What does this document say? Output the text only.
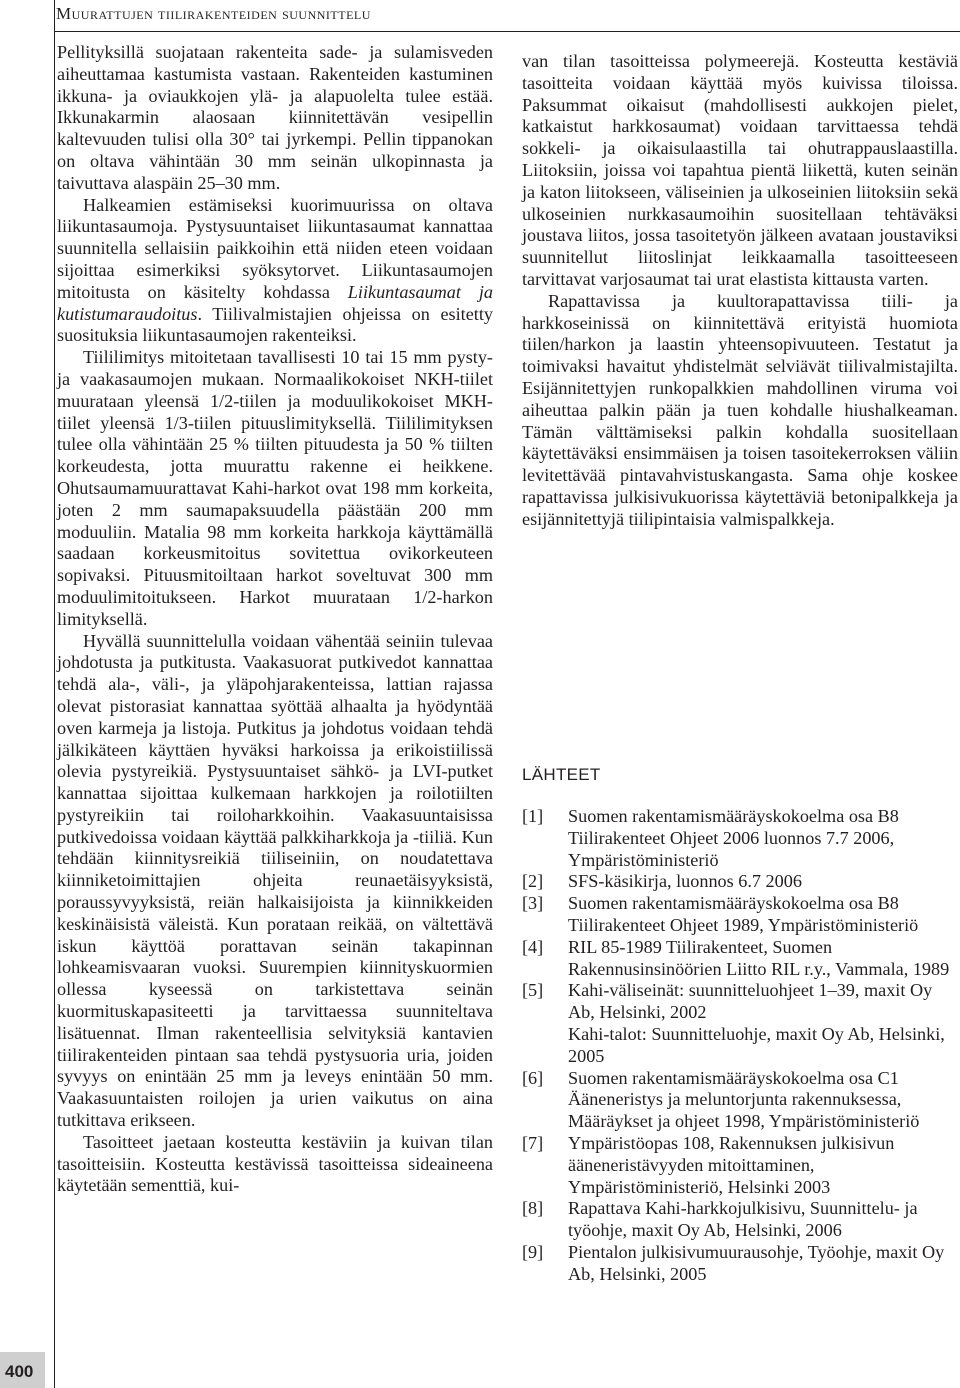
Muurattujen tiilirakenteiden suunnittelu
400

Pellityksillä suojataan rakenteita sade- ja sulamisveden aiheuttamaa kastumista vastaan. Rakenteiden kastuminen ikkuna- ja oviaukkojen ylä- ja alapuolelta tulee estää. Ikkunakarmin alaosaan kiinnitettävän vesipellin kaltevuuden tulisi olla 30° tai jyrkempi. Pellin tippanokan on oltava vähintään 30 mm seinän ulkopinnasta ja taivuttava alaspäin 25–30 mm.

Halkeamien estämiseksi kuorimuurissa on oltava liikuntasaumoja. Pystysuuntaiset liikuntasaumat kannattaa suunnitella sellaisiin paikkoihin että niiden eteen voidaan sijoittaa esimerkiksi syöksytorvet. Liikuntasaumojen mitoitusta on käsitelty kohdassa Liikuntasaumat ja kutistumaraudoitus. Tiilivalmistajien ohjeissa on esitetty suosituksia liikuntasaumojen rakenteiksi.

Tiililimitys mitoitetaan tavallisesti 10 tai 15 mm pysty- ja vaakasaumojen mukaan. Normaalikokoiset NKH-tiilet muurataan yleensä 1/2-tiilen ja moduulikokoiset MKH-tiilet yleensä 1/3-tiilen pituuslimityksellä. Tiililimityksen tulee olla vähintään 25 % tiilten pituudesta ja 50 % tiilten korkeudesta, jotta muurattu rakenne ei heikkene. Ohutsaumamuurattavat Kahi-harkot ovat 198 mm korkeita, joten 2 mm saumapaksuudella päästään 200 mm moduuliin. Matalia 98 mm korkeita harkkoja käyttämällä saadaan korkeusmitoitus sovitettua ovikorkeuteen sopivaksi. Pituusmitoiltaan harkot soveltuvat 300 mm moduulimitoitukseen. Harkot muurataan 1/2-harkon limityksellä.

Hyvällä suunnittelulla voidaan vähentää seiniin tulevaa johdotusta ja putkitusta. Vaakasuorat putkivedot kannattaa tehdä ala-, väli-, ja yläpohjarakenteissa, lattian rajassa olevat pistorasiat kannattaa syöttää alhaalta ja hyödyntää oven karmeja ja listoja. Putkitus ja johdotus voidaan tehdä jälkikäteen käyttäen hyväksi harkoissa ja erikoistiilissä olevia pystyreikiä. Pystysuuntaiset sähkö- ja LVI-putket kannattaa sijoittaa kulkemaan harkkojen ja roilotiilten pystyreikiin tai roiloharkkoihin. Vaakasuuntaisissa putkivedoissa voidaan käyttää palkkiharkkoja ja -tiiliä. Kun tehdään kiinnitysreikiä tiiliseiniin, on noudatettava kiinniketoimittajien ohjeita reunaetäisyyksistä, poraussyvyyksistä, reiän halkaisijoista ja kiinnikkeiden keskinäisistä väleistä. Kun porataan reikää, on vältettävä iskun käyttöä porattavan seinän takapinnan lohkeamisvaaran vuoksi. Suurempien kiinnityskuormien ollessa kyseessä on tarkistettava seinän kuormituskapasiteetti ja tarvittaessa suunniteltava lisätuennat. Ilman rakenteellisia selvityksiä kantavien tiilirakenteiden pintaan saa tehdä pystysuoria uria, joiden syvyys on enintään 25 mm ja leveys enintään 50 mm. Vaakasuuntaisten roilojen ja urien vaikutus on aina tutkittava erikseen.

Tasoitteet jaetaan kosteutta kestäviin ja kuivan tilan tasoitteisiin. Kosteutta kestävissä tasoitteissa sideaineena käytetään sementtiä, kui-

van tilan tasoitteissa polymeerejä. Kosteutta kestäviä tasoitteita voidaan käyttää myös kuivissa tiloissa. Paksummat oikaisut (mahdollisesti aukkojen pielet, katkaistut harkkosaumat) voidaan tarvittaessa tehdä sokkeli- ja oikaisulaastilla tai ohutrappauslaastilla. Liitoksiin, joissa voi tapahtua pientä liikettä, kuten seinän ja katon liitokseen, väliseinien ja ulkoseinien liitoksiin sekä ulkoseinien nurkkasaumoihin suositellaan tehtäväksi joustava liitos, jossa tasoitetyön jälkeen avataan joustaviksi suunnitellut liitoslinjat leikkaamalla tasoitteeseen tarvittavat varjosaumat tai urat elastista kittausta varten.

Rapattavissa ja kuultorapattavissa tiili- ja harkkoseinissä on kiinnitettävä erityistä huomiota tiilen/harkon ja laastin yhteensopivuuteen. Testatut ja toimivaksi havaitut yhdistelmät selviävät tiilivalmistajilta. Esijännitettyjen runkopalkkien mahdollinen viruma voi aiheuttaa palkin pään ja tuen kohdalle hiushalkeaman. Tämän välttämiseksi palkin kohdalla suositellaan käytettäväksi ensimmäisen ja toisen tasoitekerroksen väliin levitettävää pintavahvistuskangasta. Sama ohje koskee rapattavissa julkisivukuorissa käytettäviä betonipalkkeja ja esijännitettyjä tiilipintaisia valmispalkkeja.

LÄHTEET
[1]	Suomen rakentamismääräyskokoelma osa B8 Tiilirakenteet Ohjeet 2006 luonnos 7.7 2006, Ympäristöministeriö
[2]	SFS-käsikirja, luonnos 6.7 2006
[3]	Suomen rakentamismääräyskokoelma osa B8 Tiilirakenteet Ohjeet 1989, Ympäristöministeriö
[4]	RIL 85-1989 Tiilirakenteet, Suomen Rakennusinsinöörien Liitto RIL r.y., Vammala, 1989
[5]	Kahi-väliseinät: suunnitteluohjeet 1–39, maxit Oy Ab, Helsinki, 2002
Kahi-talot: Suunnitteluohje, maxit Oy Ab, Helsinki, 2005
[6]	Suomen rakentamismääräyskokoelma osa C1 Ääneneristys ja meluntorjunta rakennuksessa, Määräykset ja ohjeet 1998, Ympäristöministeriö
[7]	Ympäristöopas 108, Rakennuksen julkisivun ääneneristävyyden mitoittaminen, Ympäristöministeriö, Helsinki 2003
[8]	Rapattava Kahi-harkkojulkisivu, Suunnittelu- ja työohje, maxit Oy Ab, Helsinki, 2006
[9]	Pientalon julkisivumuurausohje, Työohje, maxit Oy Ab, Helsinki, 2005
